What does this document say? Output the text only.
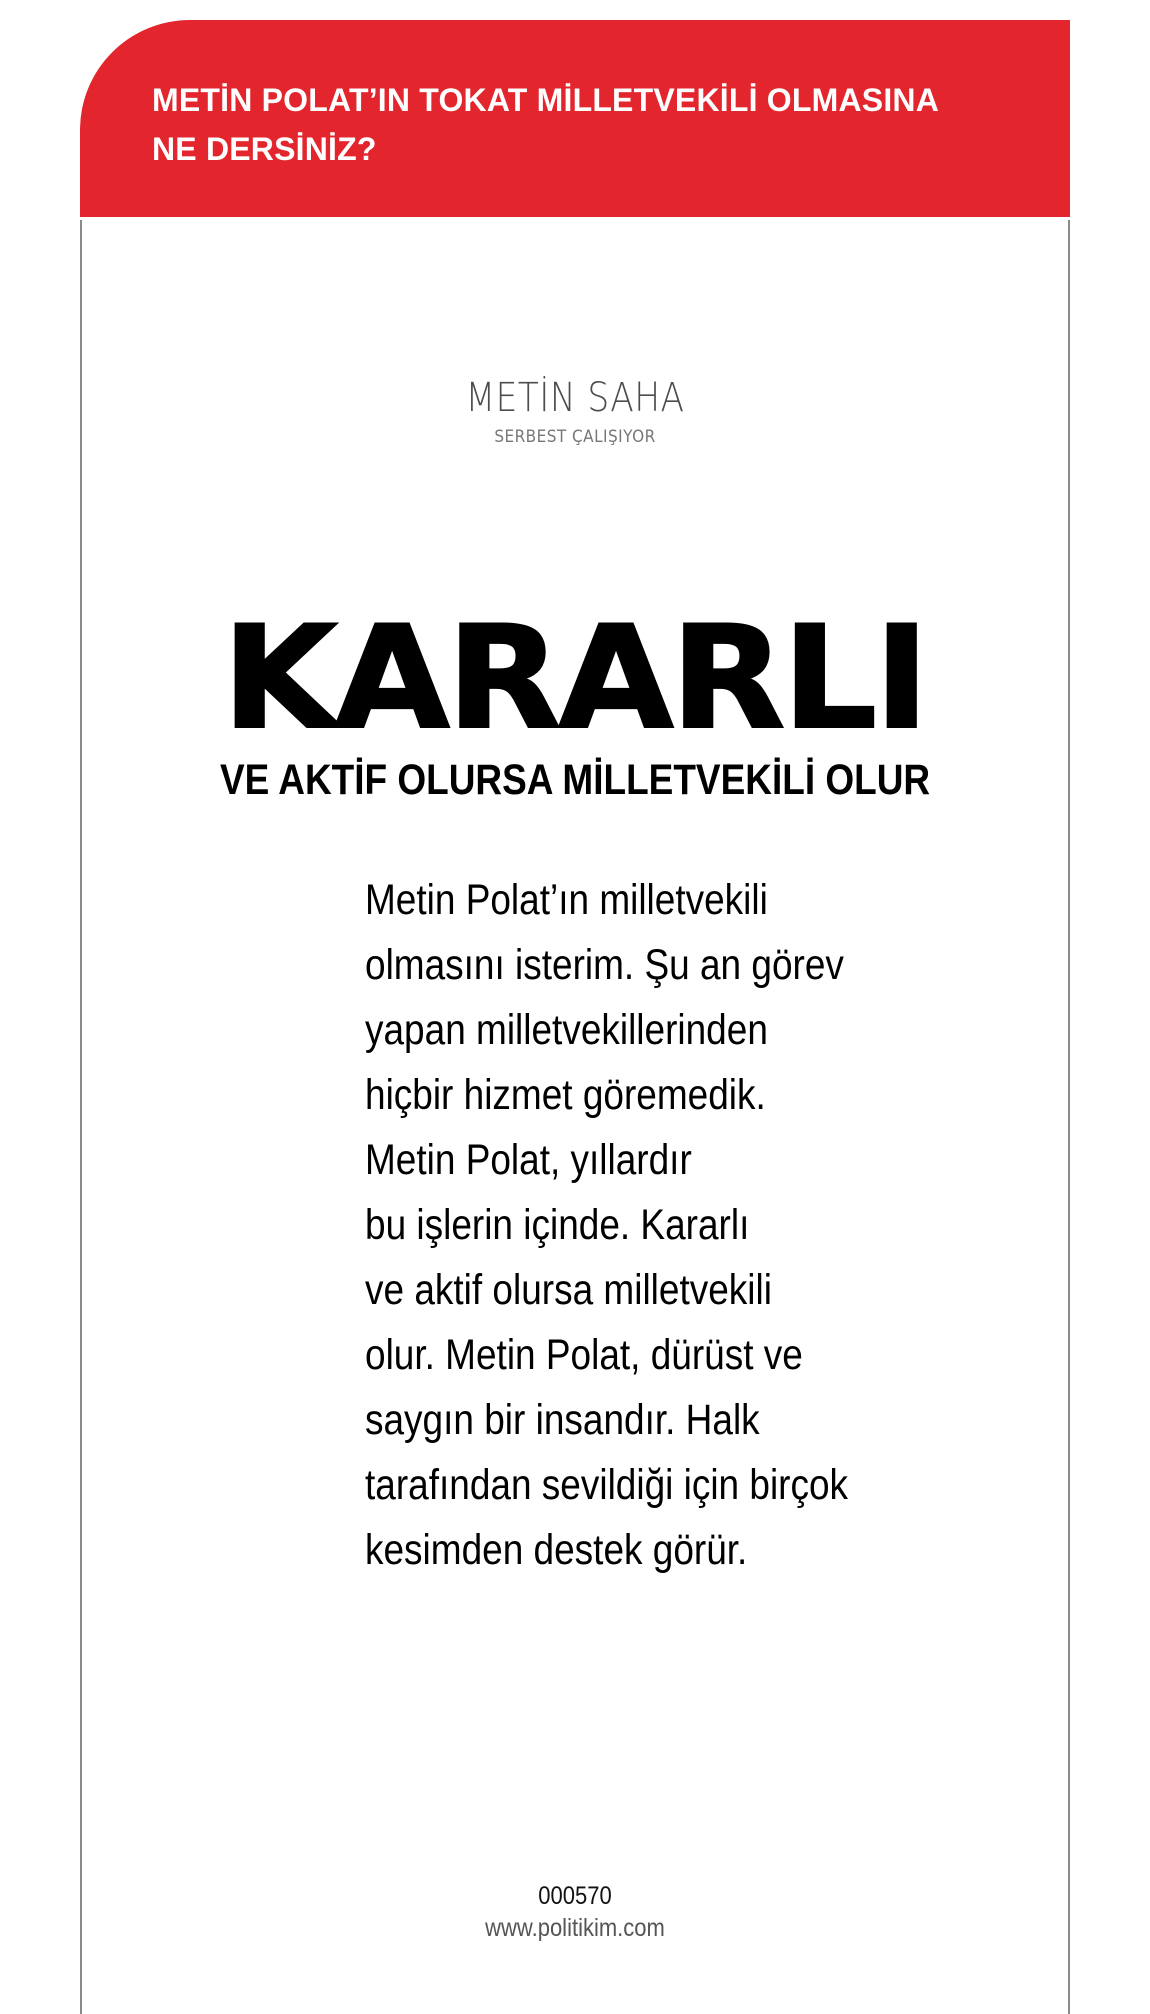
METİN POLAT’IN TOKAT MİLLETVEKİLİ OLMASINA
NE DERSİNİZ?

METİN SAHA
SERBEST ÇALIŞIYOR
KARARLI
VE AKTİF OLURSA MİLLETVEKİLİ OLUR
Metin Polat’ın milletvekili
olmasını isterim. Şu an görev
yapan milletvekillerinden
hiçbir hizmet göremedik.
Metin Polat, yıllardır
bu işlerin içinde. Kararlı
ve aktif olursa milletvekili
olur. Metin Polat, dürüst ve
saygın bir insandır. Halk
tarafından sevildiği için birçok
kesimden destek görür.
000570
www.politikim.com
